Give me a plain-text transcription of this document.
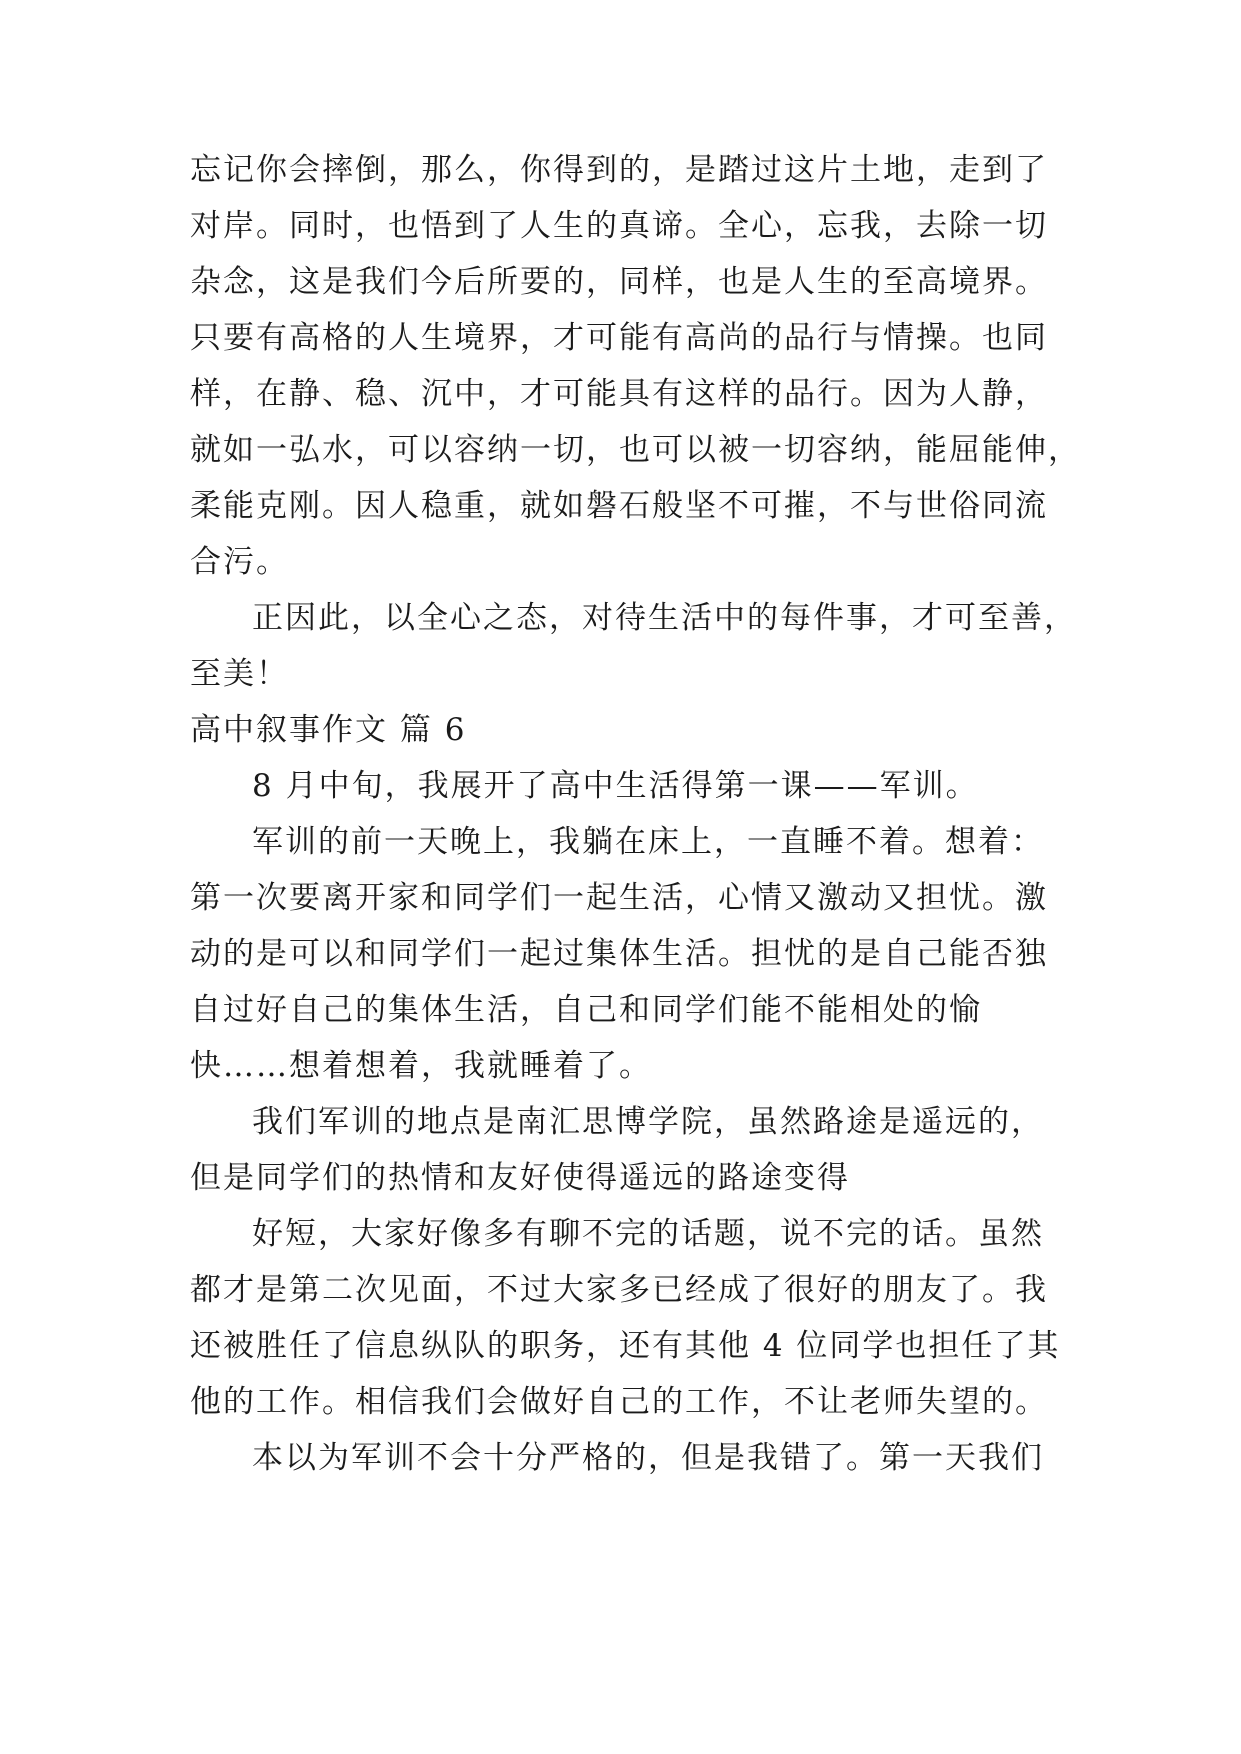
忘记你会摔倒，那么，你得到的，是踏过这片土地，走到了
对岸。同时，也悟到了人生的真谛。全心，忘我，去除一切
杂念，这是我们今后所要的，同样，也是人生的至高境界。
只要有高格的人生境界，才可能有高尚的品行与情操。也同
样，在静、稳、沉中，才可能具有这样的品行。因为人静，
就如一弘水，可以容纳一切，也可以被一切容纳，能屈能伸，
柔能克刚。因人稳重，就如磐石般坚不可摧，不与世俗同流
合污。
正因此，以全心之态，对待生活中的每件事，才可至善，
至美！
高中叙事作文 篇 6
8 月中旬，我展开了高中生活得第一课——军训。
军训的前一天晚上，我躺在床上，一直睡不着。想着：
第一次要离开家和同学们一起生活，心情又激动又担忧。激
动的是可以和同学们一起过集体生活。担忧的是自己能否独
自过好自己的集体生活，自己和同学们能不能相处的愉
快……想着想着，我就睡着了。
我们军训的地点是南汇思博学院，虽然路途是遥远的，
但是同学们的热情和友好使得遥远的路途变得
好短，大家好像多有聊不完的话题，说不完的话。虽然
都才是第二次见面，不过大家多已经成了很好的朋友了。我
还被胜任了信息纵队的职务，还有其他 4 位同学也担任了其
他的工作。相信我们会做好自己的工作，不让老师失望的。
本以为军训不会十分严格的，但是我错了。第一天我们
